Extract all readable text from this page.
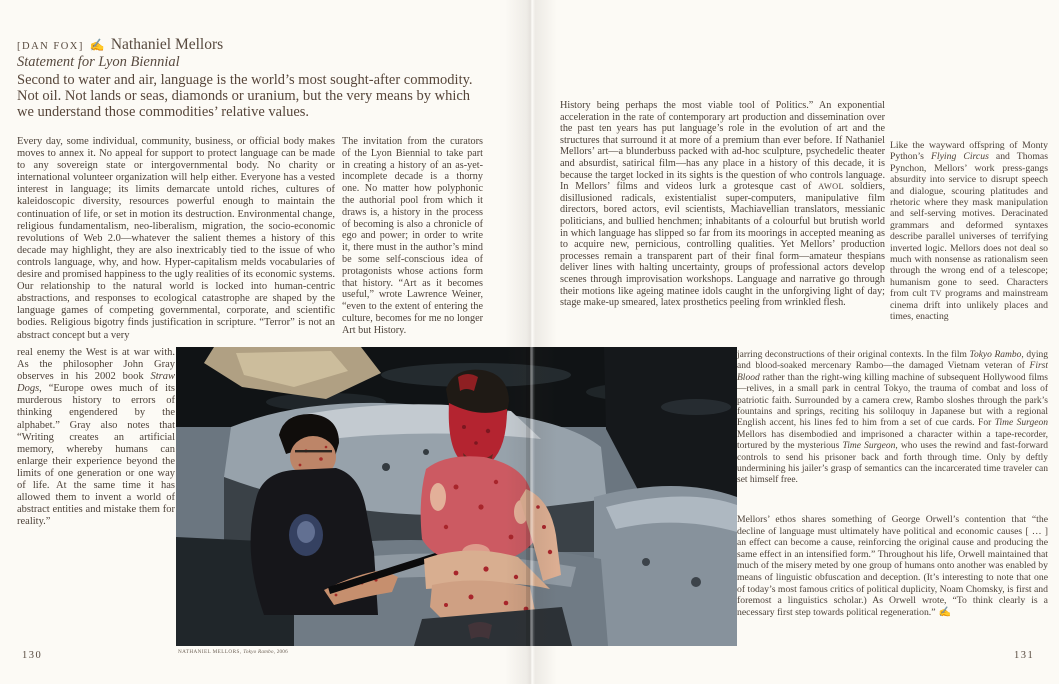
[DAN FOX] ✍ Nathaniel Mellors
Statement for Lyon Biennial
Second to water and air, language is the world’s most sought-after commodity. Not oil. Not lands or seas, diamonds or uranium, but the very means by which we understand those commodities’ relative values.
Every day, some individual, community, business, or official body makes moves to annex it. No appeal for support to protect language can be made to any sovereign state or intergovernmental body. No charity or international volunteer organization will help either. Everyone has a vested interest in language; its limits demarcate untold riches, cultures of kaleidoscopic diversity, resources powerful enough to maintain the continuation of life, or set in motion its destruction. Environmental change, religious fundamentalism, neo-liberalism, migration, the socio-economic revolutions of Web 2.0—whatever the salient themes a history of this decade may highlight, they are also inextricably tied to the issue of who controls language, why, and how. Hyper-capitalism melds vocabularies of desire and promised happiness to the ugly realities of its economic systems. Our relationship to the natural world is locked into human-centric abstractions, and responses to ecological catastrophe are shaped by the language games of competing governmental, corporate, and scientific bodies. Religious bigotry finds justification in scripture. “Terror” is not an abstract concept but a very
real enemy the West is at war with. As the philosopher John Gray observes in his 2002 book Straw Dogs, “Europe owes much of its murderous history to errors of thinking engendered by the alphabet.” Gray also notes that “Writing creates an artificial memory, whereby humans can enlarge their experience beyond the limits of one generation or one way of life. At the same time it has allowed them to invent a world of abstract entities and mistake them for reality.”
The invitation from the curators of the Lyon Biennial to take part in creating a history of an as-yet-incomplete decade is a thorny one. No matter how polyphonic the authorial pool from which it draws is, a history in the process of becoming is also a chronicle of ego and power; in order to write it, there must in the author’s mind be some self-conscious idea of protagonists whose actions form that history. “Art as it becomes useful,” wrote Lawrence Weiner, “even to the extent of entering the culture, becomes for me no longer Art but History.
History being perhaps the most viable tool of Politics.” An exponential acceleration in the rate of contemporary art production and dissemination over the past ten years has put language’s role in the evolution of art and the structures that surround it at more of a premium than ever before. If Nathaniel Mellors’ art—a blunderbuss packed with ad-hoc sculpture, psychedelic theater and absurdist, satirical film—has any place in a history of this decade, it is because the target locked in its sights is the question of who controls language. In Mellors’ films and videos lurk a grotesque cast of AWOL soldiers, disillusioned radicals, existentialist super-computers, manipulative film directors, bored actors, evil scientists, Machiavellian translators, messianic politicians, and bullied henchmen; inhabitants of a colourful but brutish world in which language has slipped so far from its moorings in accepted meaning as to acquire new, pernicious, controlling qualities. Yet Mellors’ production processes remain a transparent part of their final form—amateur thespians deliver lines with halting uncertainty, groups of professional actors develop scenes through improvisation workshops. Language and narrative go through their motions like ageing matinee idols caught in the unforgiving light of day; stage make-up smeared, latex prosthetics peeling from wrinkled flesh.
Like the wayward offspring of Monty Python’s Flying Circus and Thomas Pynchon, Mellors’ work press-gangs absurdity into service to disrupt speech and dialogue, scouring platitudes and rhetoric where they mask manipulation and self-serving motives. Deracinated grammars and deformed syntaxes describe parallel universes of terrifying inverted logic. Mellors does not deal so much with nonsense as rationalism seen through the wrong end of a telescope; humanism gone to seed. Characters from cult TV programs and mainstream cinema drift into unlikely places and times, enacting
jarring deconstructions of their original contexts. In the film Tokyo Rambo, dying and blood-soaked mercenary Rambo—the damaged Vietnam veteran of First Blood rather than the right-wing killing machine of subsequent Hollywood films—relives, in a small park in central Tokyo, the trauma of combat and loss of patriotic faith. Surrounded by a camera crew, Rambo sloshes through the park’s fountains and springs, reciting his soliloquy in Japanese but with a regional English accent, his lines fed to him from a set of cue cards. For Time Surgeon Mellors has disembodied and imprisoned a character within a tape-recorder, tortured by the mysterious Time Surgeon, who uses the rewind and fast-forward controls to send his prisoner back and forth through time. Only by deftly undermining his jailer’s grasp of semantics can the incarcerated time traveler can set himself free.
Mellors’ ethos shares something of George Orwell’s contention that “the decline of language must ultimately have political and economic causes [ … ] an effect can become a cause, reinforcing the original cause and producing the same effect in an intensified form.” Throughout his life, Orwell maintained that much of the misery meted by one group of humans onto another was enabled by means of linguistic obfuscation and deception. (It’s interesting to note that one of today’s most famous critics of political duplicity, Noam Chomsky, is first and foremost a linguistics scholar.) As Orwell wrote, “To think clearly is a necessary first step towards political regeneration.” ✍
NATHANIEL MELLORS, Tokyo Rambo, 2006
130	131
